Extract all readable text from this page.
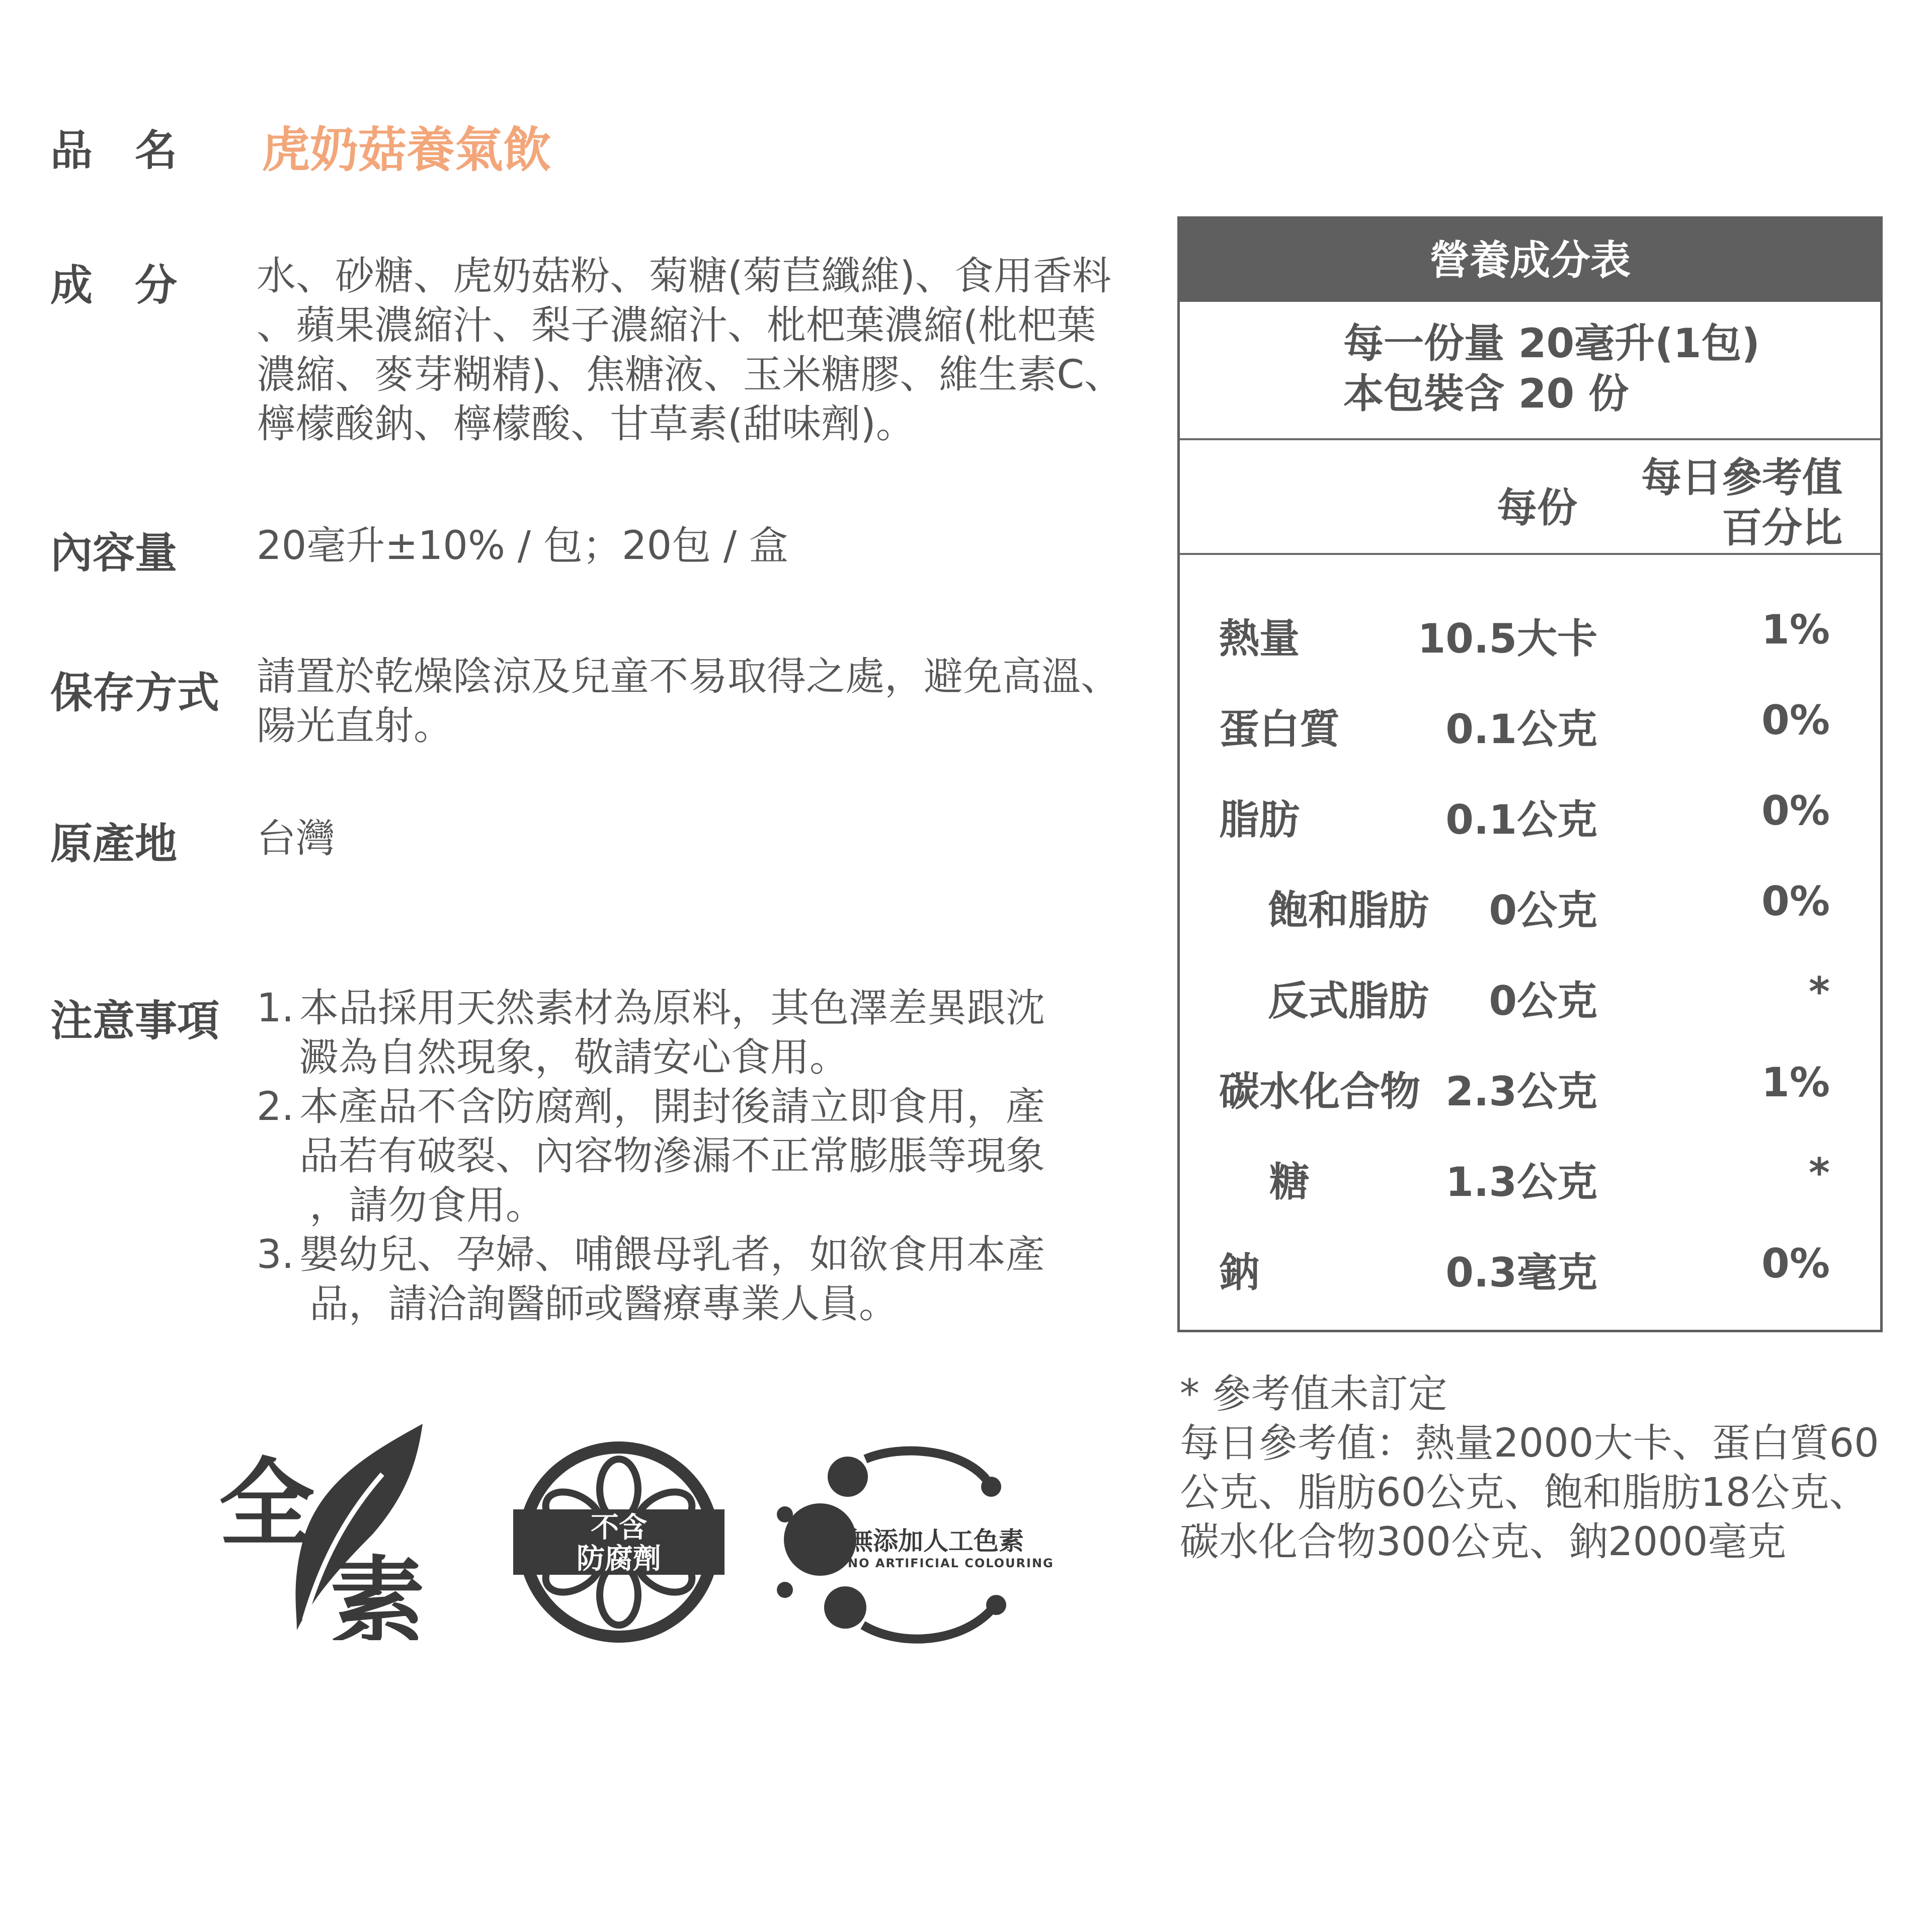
品　名 虎奶菇養氣飲
成　分 水、砂糖、虎奶菇粉、菊糖(菊苣纖維)、食用香料
、蘋果濃縮汁、梨子濃縮汁、枇杷葉濃縮(枇杷葉
濃縮、麥芽糊精)、焦糖液、玉米糖膠、維生素C、
檸檬酸鈉、檸檬酸、甘草素(甜味劑)。
內容量 20毫升±10% / 包；20包 / 盒
保存方式 請置於乾燥陰涼及兒童不易取得之處，避免高溫、
陽光直射。
原產地 台灣
注意事項 1. 本品採用天然素材為原料，其色澤差異跟沈
澱為自然現象，敬請安心食用。
2. 本產品不含防腐劑，開封後請立即食用，產
品若有破裂、內容物滲漏不正常膨脹等現象
，請勿食用。
3. 嬰幼兒、孕婦、哺餵母乳者，如欲食用本產
品，請洽詢醫師或醫療專業人員。
營養成分表
每一份量 20毫升(1包)
本包裝含 20 份
每份
每日參考值
百分比
熱量	10.5大卡	1%
蛋白質	0.1公克	0%
脂肪	0.1公克	0%
飽和脂肪 0公克	0%
反式脂肪 0公克	*
碳水化合物 2.3公克	1%
糖	1.3公克	*
鈉	0.3毫克	0%
* 參考值未訂定
每日參考值：熱量2000大卡、蛋白質60
公克、脂肪60公克、飽和脂肪18公克、
碳水化合物300公克、鈉2000毫克
全
素
不含
防腐劑
無添加人工色素
NO ARTIFICIAL COLOURING
